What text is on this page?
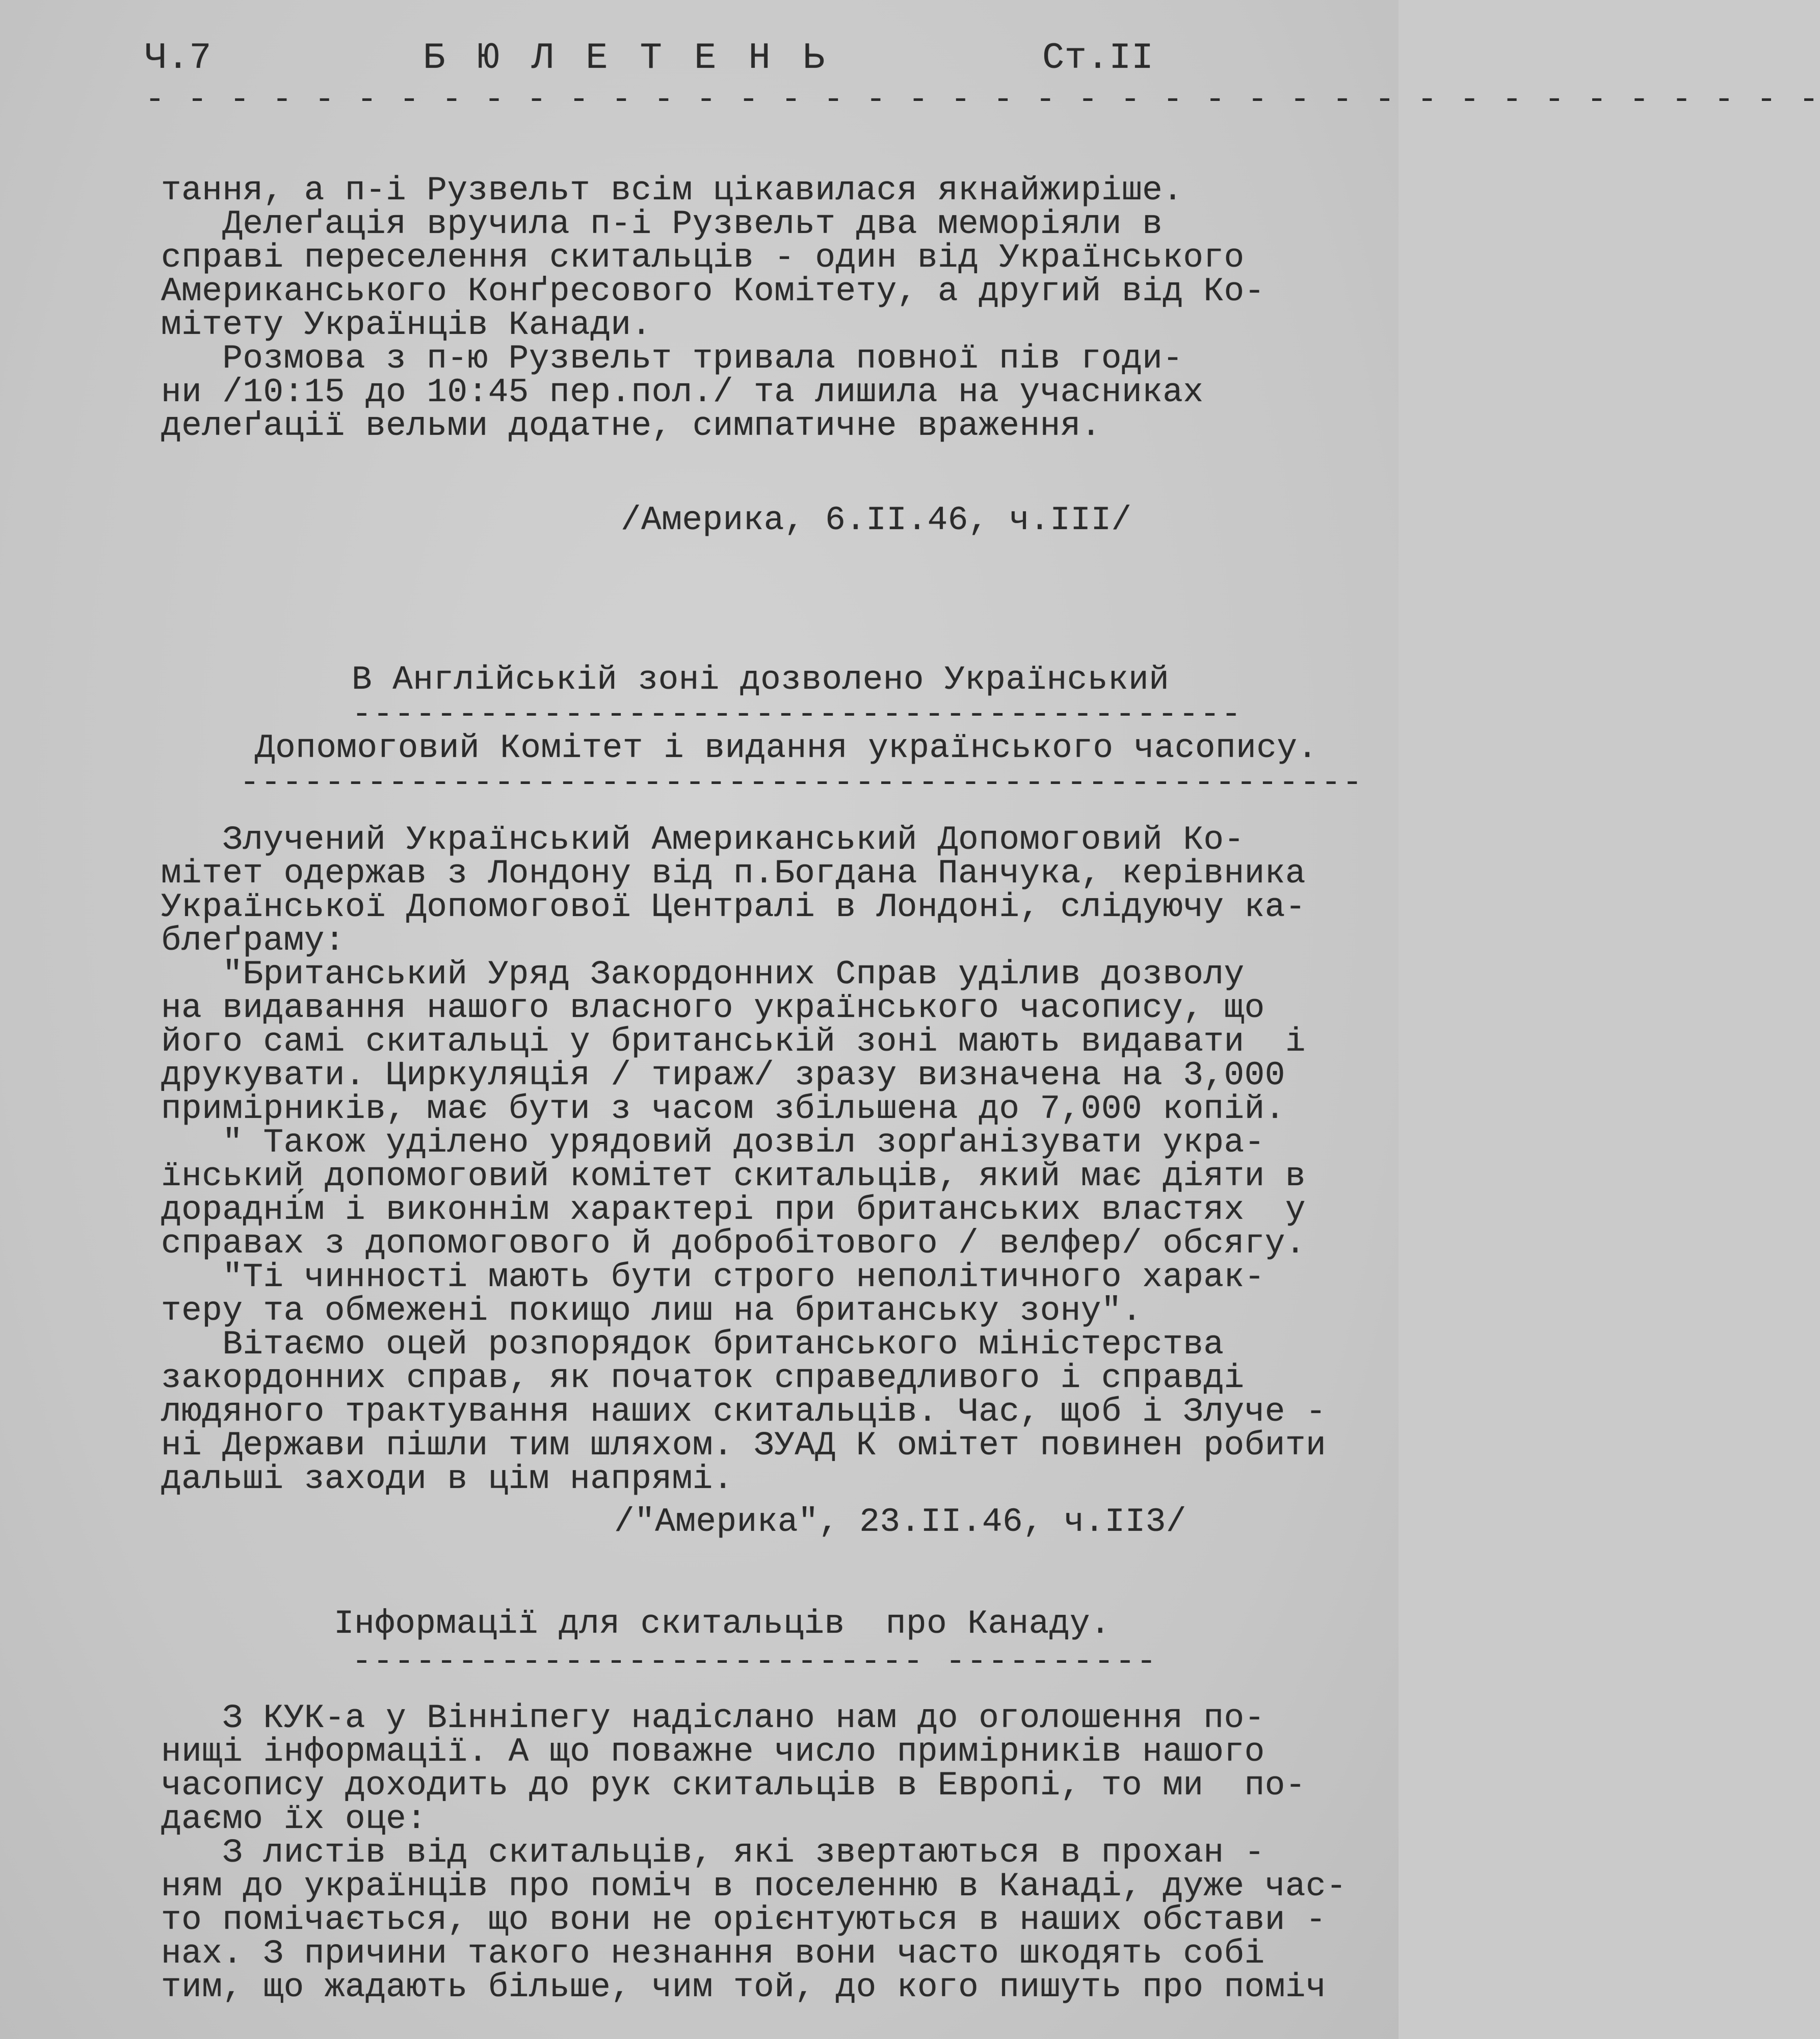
Ч.7	Б Ю Л Е Т Е Н Ь	Ст.II
- - - - - - - - - - - - - - - - - - - - - - - - - - - - - - - - - - - - - - - -
тання, а п-і Рузвельт всім цікавилася якнайжиріше.
Делеґація вручила п-і Рузвельт два меморіяли в
справі переселення скитальців - один від Українського
Американського Конґресового Комітету, а другий від Ко-
мітету Українців Канади.
Розмова з п-ю Рузвельт тривала повної пів годи-
ни /10:15 до 10:45 пер.пол./ та лишила на учасниках
делеґації вельми додатне, симпатичне враження.
/Америка, 6.II.46, ч.III/
В Англійській зоні дозволено Український
------------------------------------------
Допомоговий Комітет і видання українського часопису.
-----------------------------------------------------
Злучений Український Американський Допомоговий Ко-
мітет одержав з Лондону від п.Богдана Панчука, керівника
Української Допомогової Централі в Лондоні, слідуючу ка-
блеґраму:
"Британський Уряд Закордонних Справ уділив дозволу
на видавання нашого власного українського часопису, що
його самі скитальці у британській зоні мають видавати  і
друкувати. Циркуляція / тираж/ зразу визначена на 3,000
примірників, має бути з часом збільшена до 7,000 копій.
" Також уділено урядовий дозвіл зорґанізувати укра-
їнський допомоговий комітет скитальців, який має діяти в
дорадні́м і виконнім характері при британських властях  у
справах з допомогового й добробітового / велфер/ обсягу.
"Ті чинності мають бути строго неполітичного харак-
теру та обмежені покищо лиш на британську зону".
Вітаємо оцей розпорядок британського міністерства
закордонних справ, як початок справедливого і справді
людяного трактування наших скитальців. Час, щоб і Злуче -
ні Держави пішли тим шляхом. ЗУАД К омітет повинен робити
дальші заходи в цім напрямі.
/"Америка", 23.II.46, ч.II3/
Інформації для скитальців  про Канаду.
--------------------------- ----------
З КУК-а у Вінніпегу надіслано нам до оголошення по-
нищі інформації. А що поважне число примірників нашого
часопису доходить до рук скитальців в Европі, то ми  по-
даємо їх оце:
З листів від скитальців, які звертаються в прохан -
ням до українців про поміч в поселенню в Канаді, дуже час-
то помічається, що вони не орієнтуються в наших обстави -
нах. З причини такого незнання вони часто шкодять собі
тим, що жадають більше, чим той, до кого пишуть про поміч
